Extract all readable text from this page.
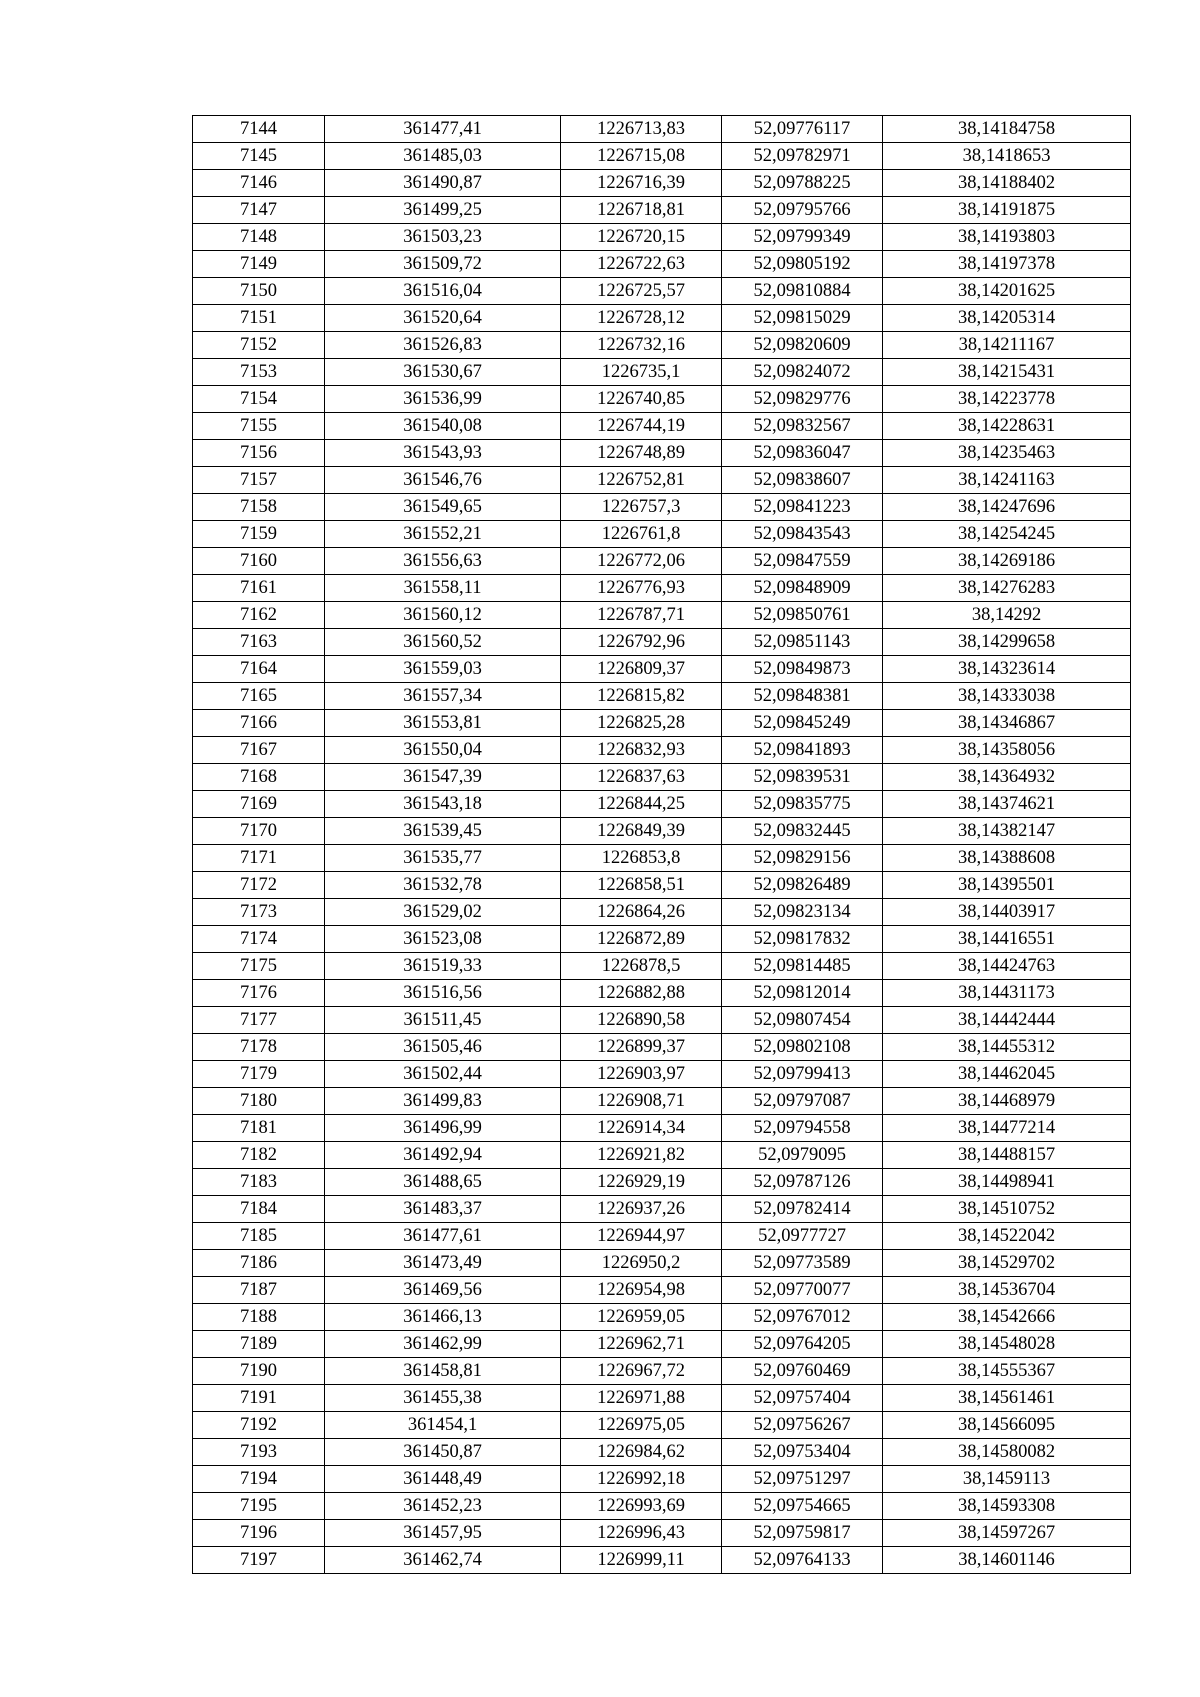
7144	361477,41	1226713,83	52,09776117	38,14184758
7145	361485,03	1226715,08	52,09782971	38,1418653
7146	361490,87	1226716,39	52,09788225	38,14188402
7147	361499,25	1226718,81	52,09795766	38,14191875
7148	361503,23	1226720,15	52,09799349	38,14193803
7149	361509,72	1226722,63	52,09805192	38,14197378
7150	361516,04	1226725,57	52,09810884	38,14201625
7151	361520,64	1226728,12	52,09815029	38,14205314
7152	361526,83	1226732,16	52,09820609	38,14211167
7153	361530,67	1226735,1	52,09824072	38,14215431
7154	361536,99	1226740,85	52,09829776	38,14223778
7155	361540,08	1226744,19	52,09832567	38,14228631
7156	361543,93	1226748,89	52,09836047	38,14235463
7157	361546,76	1226752,81	52,09838607	38,14241163
7158	361549,65	1226757,3	52,09841223	38,14247696
7159	361552,21	1226761,8	52,09843543	38,14254245
7160	361556,63	1226772,06	52,09847559	38,14269186
7161	361558,11	1226776,93	52,09848909	38,14276283
7162	361560,12	1226787,71	52,09850761	38,14292
7163	361560,52	1226792,96	52,09851143	38,14299658
7164	361559,03	1226809,37	52,09849873	38,14323614
7165	361557,34	1226815,82	52,09848381	38,14333038
7166	361553,81	1226825,28	52,09845249	38,14346867
7167	361550,04	1226832,93	52,09841893	38,14358056
7168	361547,39	1226837,63	52,09839531	38,14364932
7169	361543,18	1226844,25	52,09835775	38,14374621
7170	361539,45	1226849,39	52,09832445	38,14382147
7171	361535,77	1226853,8	52,09829156	38,14388608
7172	361532,78	1226858,51	52,09826489	38,14395501
7173	361529,02	1226864,26	52,09823134	38,14403917
7174	361523,08	1226872,89	52,09817832	38,14416551
7175	361519,33	1226878,5	52,09814485	38,14424763
7176	361516,56	1226882,88	52,09812014	38,14431173
7177	361511,45	1226890,58	52,09807454	38,14442444
7178	361505,46	1226899,37	52,09802108	38,14455312
7179	361502,44	1226903,97	52,09799413	38,14462045
7180	361499,83	1226908,71	52,09797087	38,14468979
7181	361496,99	1226914,34	52,09794558	38,14477214
7182	361492,94	1226921,82	52,0979095	38,14488157
7183	361488,65	1226929,19	52,09787126	38,14498941
7184	361483,37	1226937,26	52,09782414	38,14510752
7185	361477,61	1226944,97	52,0977727	38,14522042
7186	361473,49	1226950,2	52,09773589	38,14529702
7187	361469,56	1226954,98	52,09770077	38,14536704
7188	361466,13	1226959,05	52,09767012	38,14542666
7189	361462,99	1226962,71	52,09764205	38,14548028
7190	361458,81	1226967,72	52,09760469	38,14555367
7191	361455,38	1226971,88	52,09757404	38,14561461
7192	361454,1	1226975,05	52,09756267	38,14566095
7193	361450,87	1226984,62	52,09753404	38,14580082
7194	361448,49	1226992,18	52,09751297	38,1459113
7195	361452,23	1226993,69	52,09754665	38,14593308
7196	361457,95	1226996,43	52,09759817	38,14597267
7197	361462,74	1226999,11	52,09764133	38,14601146
